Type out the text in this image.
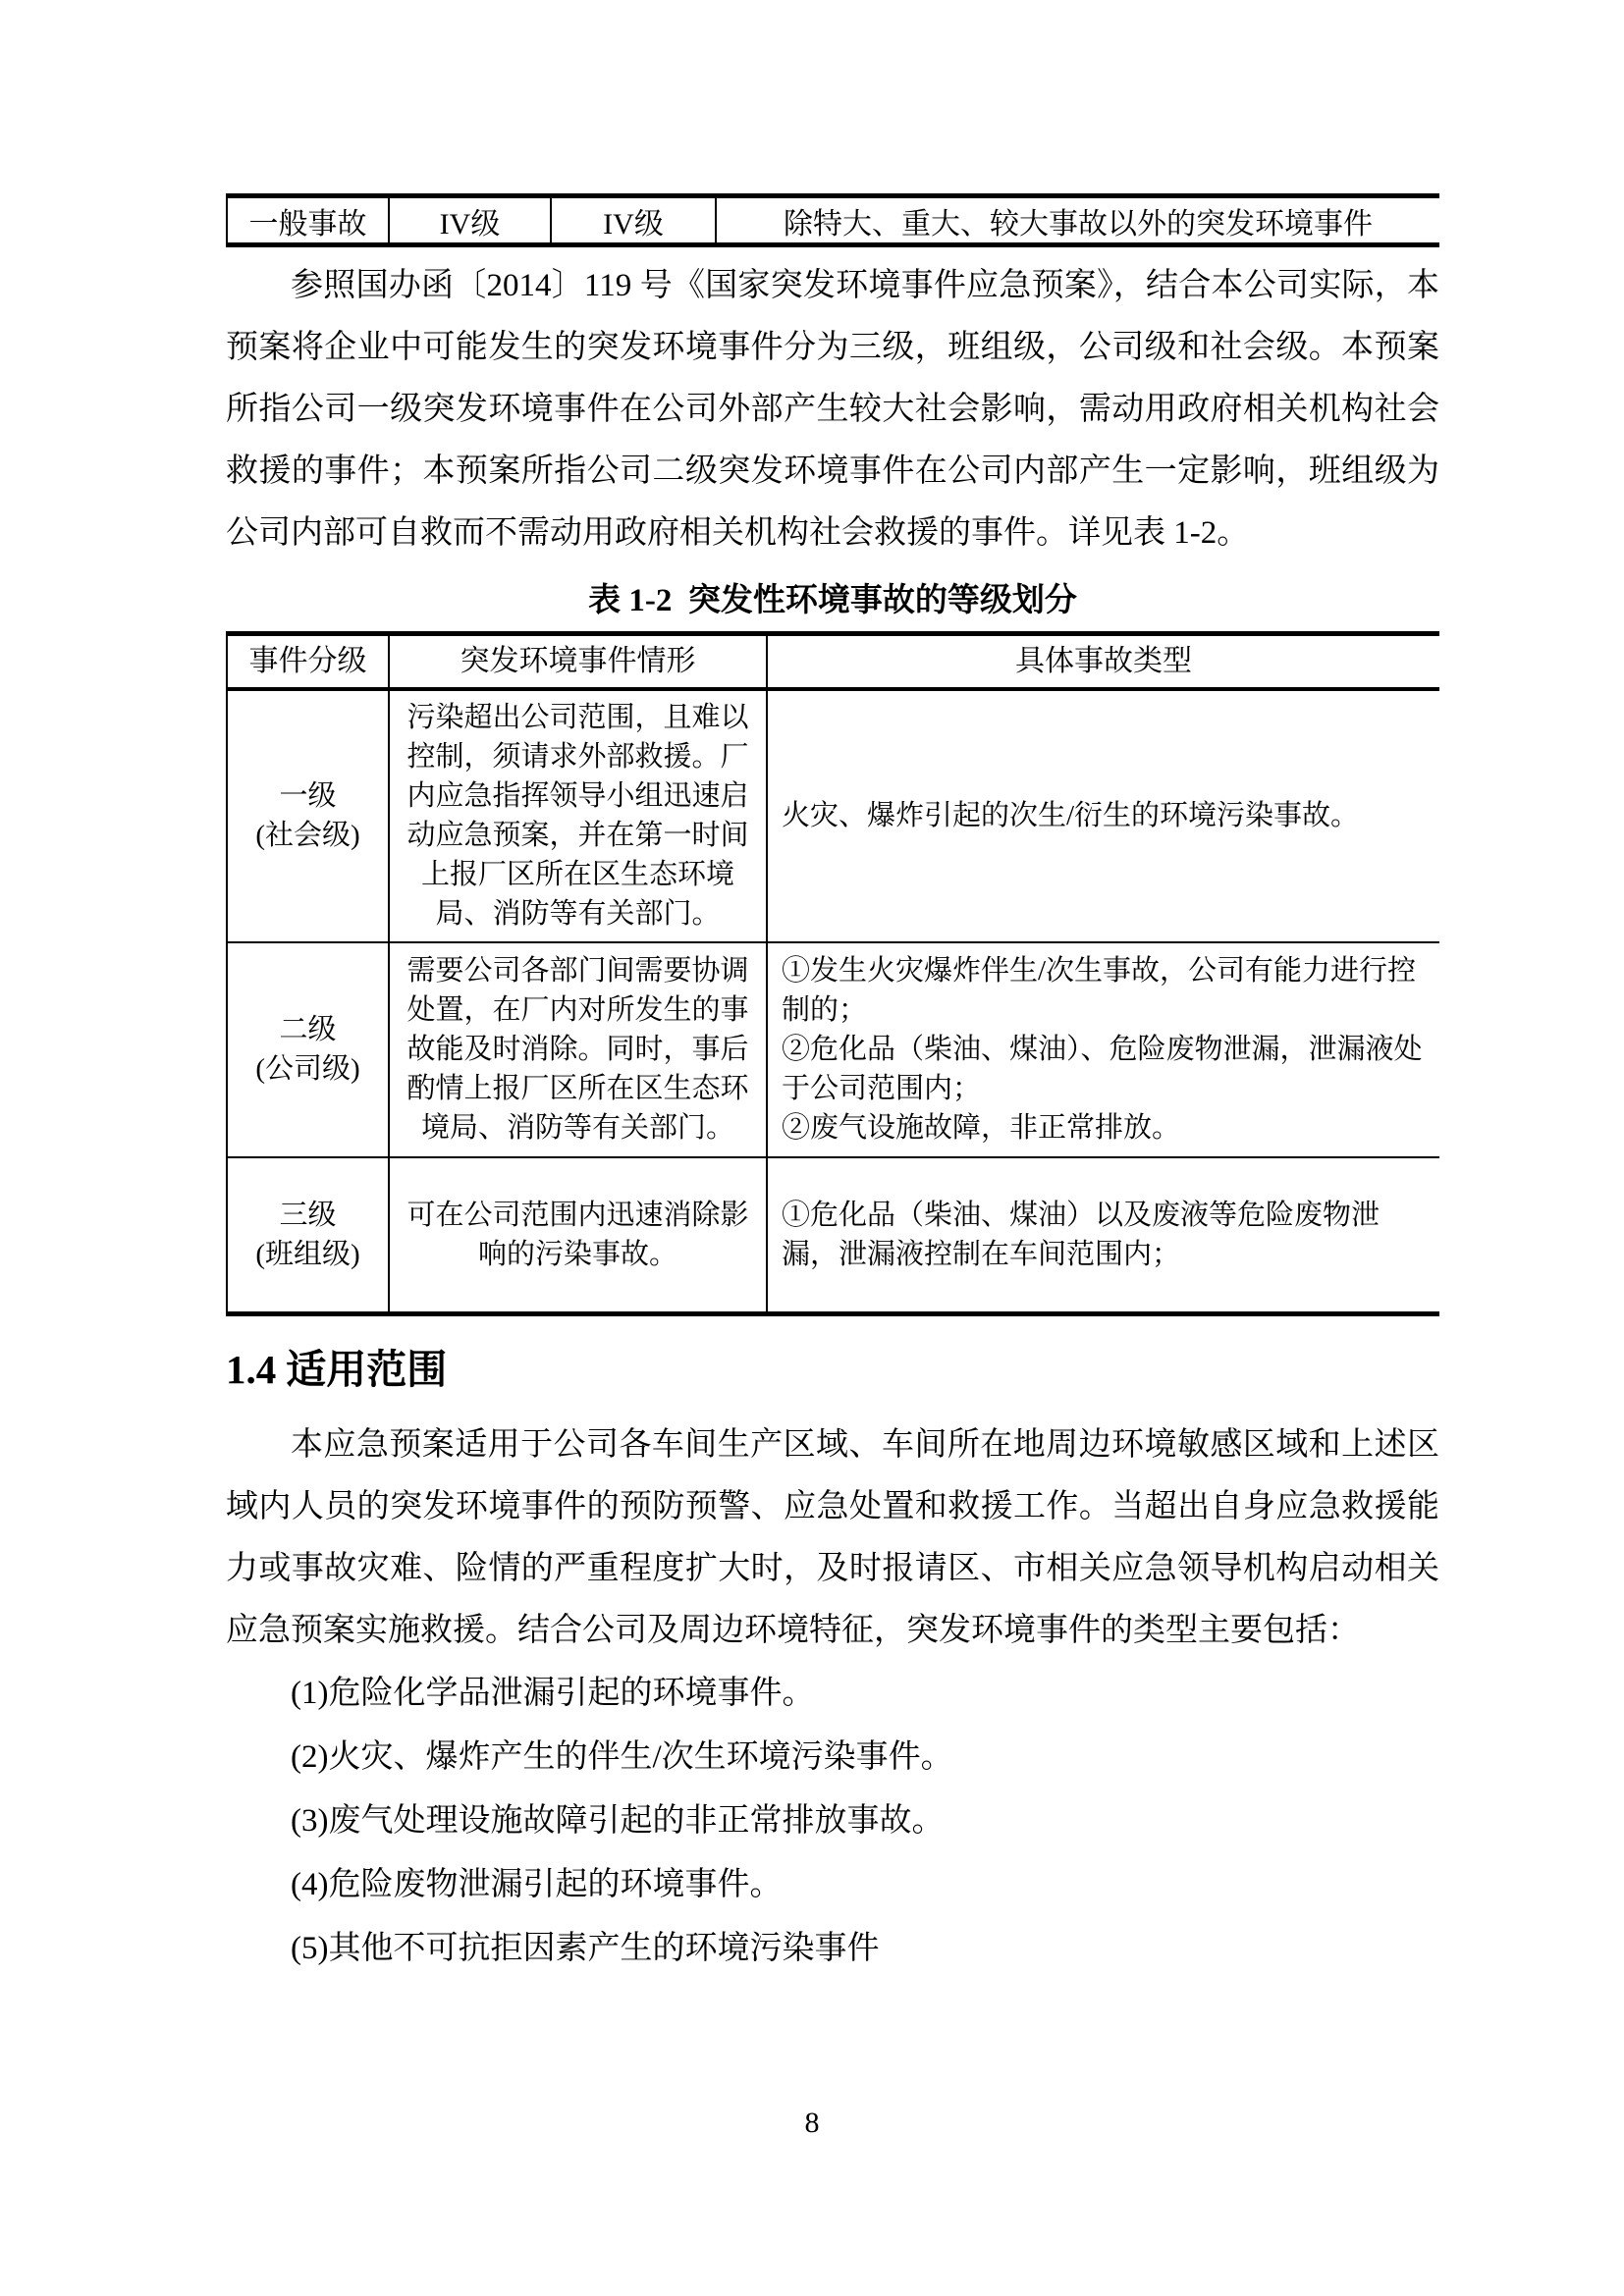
一般事故	IV级	IV级	除特大、重大、较大事故以外的突发环境事件

参照国办函〔2014〕119 号《国家突发环境事件应急预案》，结合本公司实际，本预案将企业中可能发生的突发环境事件分为三级，班组级，公司级和社会级。本预案所指公司一级突发环境事件在公司外部产生较大社会影响，需动用政府相关机构社会救援的事件；本预案所指公司二级突发环境事件在公司内部产生一定影响，班组级为公司内部可自救而不需动用政府相关机构社会救援的事件。详见表 1-2。

表 1-2  突发性环境事故的等级划分
事件分级	突发环境事件情形	具体事故类型
一级
(社会级)	污染超出公司范围，且难以控制，须请求外部救援。厂内应急指挥领导小组迅速启动应急预案，并在第一时间上报厂区所在区生态环境局、消防等有关部门。	火灾、爆炸引起的次生/衍生的环境污染事故。
二级
(公司级)	需要公司各部门间需要协调处置，在厂内对所发生的事故能及时消除。同时，事后酌情上报厂区所在区生态环境局、消防等有关部门。	①发生火灾爆炸伴生/次生事故，公司有能力进行控制的；
②危化品（柴油、煤油）、危险废物泄漏，泄漏液处于公司范围内；
②废气设施故障，非正常排放。
三级
(班组级)	可在公司范围内迅速消除影响的污染事故。	①危化品（柴油、煤油）以及废液等危险废物泄漏，泄漏液控制在车间范围内；
1.4 适用范围

本应急预案适用于公司各车间生产区域、车间所在地周边环境敏感区域和上述区域内人员的突发环境事件的预防预警、应急处置和救援工作。当超出自身应急救援能力或事故灾难、险情的严重程度扩大时，及时报请区、市相关应急领导机构启动相关应急预案实施救援。结合公司及周边环境特征，突发环境事件的类型主要包括：

(1)危险化学品泄漏引起的环境事件。

(2)火灾、爆炸产生的伴生/次生环境污染事件。

(3)废气处理设施故障引起的非正常排放事故。

(4)危险废物泄漏引起的环境事件。

(5)其他不可抗拒因素产生的环境污染事件

8
